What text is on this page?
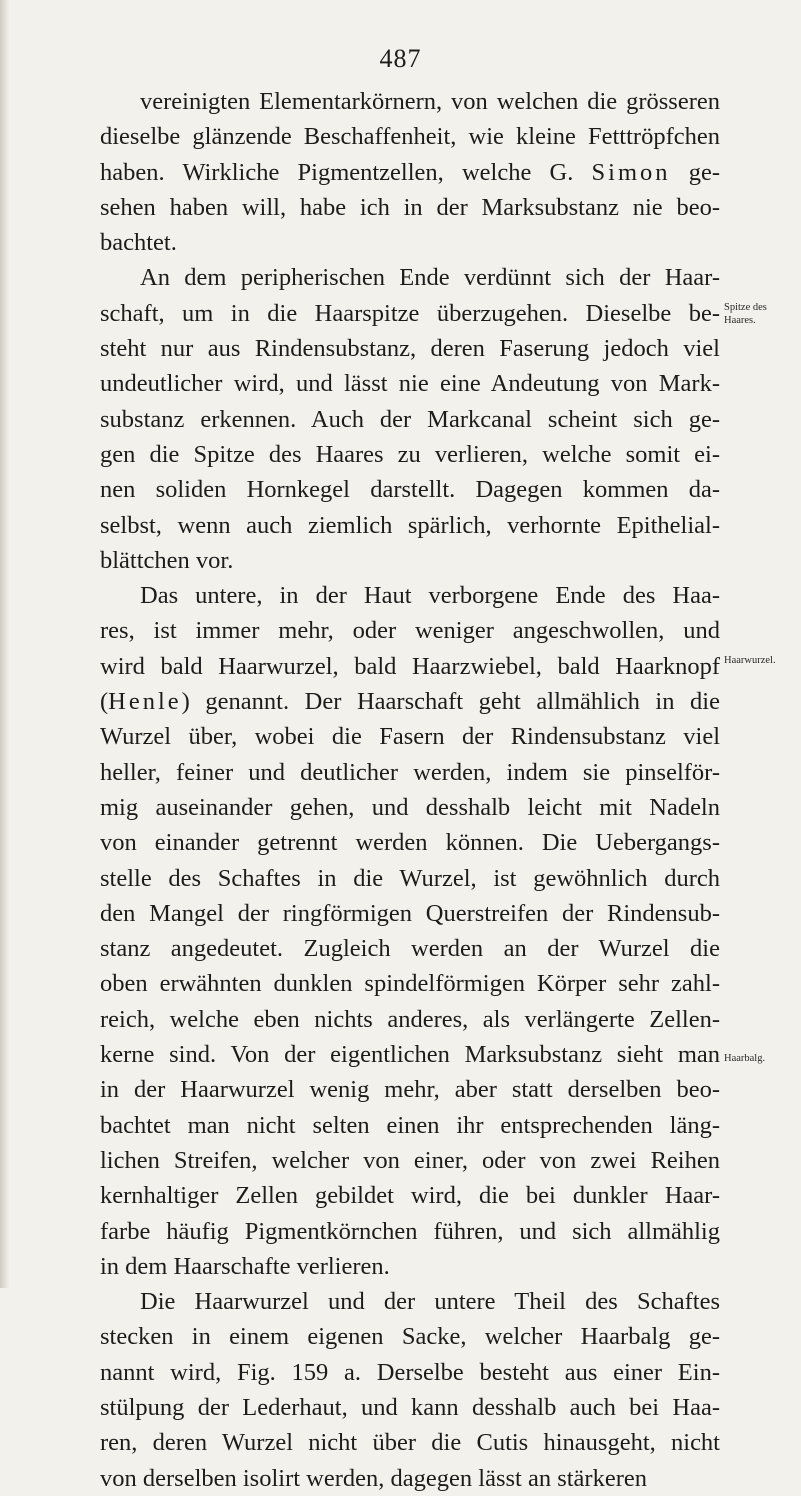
487
vereinigten Elementarkörnern, von welchen die grösseren
dieselbe glänzende Beschaffenheit, wie kleine Fetttröpfchen
haben. Wirkliche Pigmentzellen, welche G. Simon ge-
sehen haben will, habe ich in der Marksubstanz nie beo-
bachtet.
An dem peripherischen Ende verdünnt sich der Haar-
schaft, um in die Haarspitze überzugehen. Dieselbe be-
steht nur aus Rindensubstanz, deren Faserung jedoch viel
undeutlicher wird, und lässt nie eine Andeutung von Mark-
substanz erkennen. Auch der Markcanal scheint sich ge-
gen die Spitze des Haares zu verlieren, welche somit ei-
nen soliden Hornkegel darstellt. Dagegen kommen da-
selbst, wenn auch ziemlich spärlich, verhornte Epithelial-
blättchen vor.
Das untere, in der Haut verborgene Ende des Haa-
res, ist immer mehr, oder weniger angeschwollen, und
wird bald Haarwurzel, bald Haarzwiebel, bald Haarknopf
(Henle) genannt. Der Haarschaft geht allmählich in die
Wurzel über, wobei die Fasern der Rindensubstanz viel
heller, feiner und deutlicher werden, indem sie pinselför-
mig auseinander gehen, und desshalb leicht mit Nadeln
von einander getrennt werden können. Die Uebergangs-
stelle des Schaftes in die Wurzel, ist gewöhnlich durch
den Mangel der ringförmigen Querstreifen der Rindensub-
stanz angedeutet. Zugleich werden an der Wurzel die
oben erwähnten dunklen spindelförmigen Körper sehr zahl-
reich, welche eben nichts anderes, als verlängerte Zellen-
kerne sind. Von der eigentlichen Marksubstanz sieht man
in der Haarwurzel wenig mehr, aber statt derselben beo-
bachtet man nicht selten einen ihr entsprechenden läng-
lichen Streifen, welcher von einer, oder von zwei Reihen
kernhaltiger Zellen gebildet wird, die bei dunkler Haar-
farbe häufig Pigmentkörnchen führen, und sich allmählig
in dem Haarschafte verlieren.
Die Haarwurzel und der untere Theil des Schaftes
stecken in einem eigenen Sacke, welcher Haarbalg ge-
nannt wird, Fig. 159 a. Derselbe besteht aus einer Ein-
stülpung der Lederhaut, und kann desshalb auch bei Haa-
ren, deren Wurzel nicht über die Cutis hinausgeht, nicht
von derselben isolirt werden, dagegen lässt an stärkeren
Spitze des
Haares.
Haarwurzel.
Haarbalg.
